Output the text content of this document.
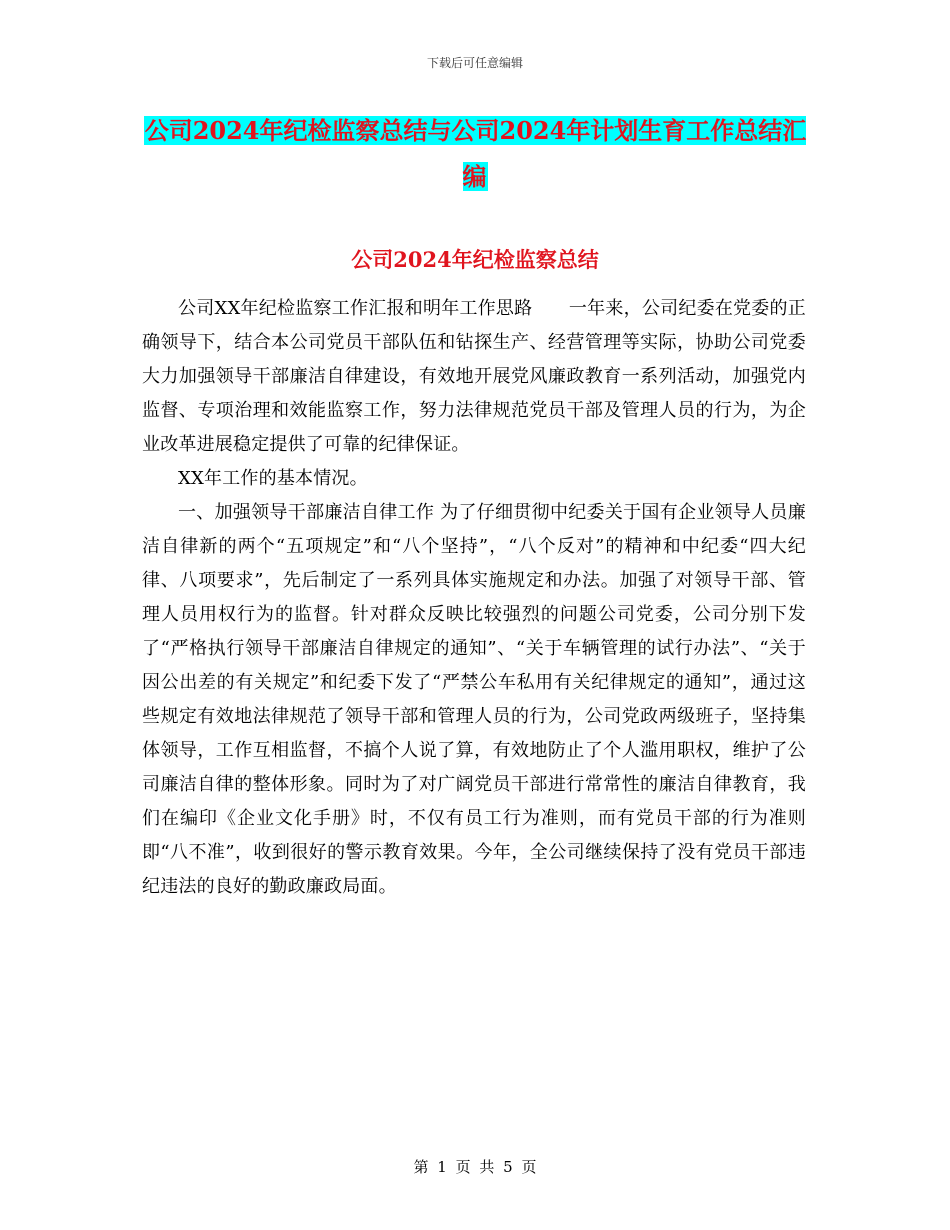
下载后可任意编辑
公司2024年纪检监察总结与公司2024年计划生育工作总结汇编
公司2024年纪检监察总结

公司XX年纪检监察工作汇报和明年工作思路　　一年来，公司纪委在党委的正确领导下，结合本公司党员干部队伍和钻探生产、经营管理等实际，协助公司党委大力加强领导干部廉洁自律建设，有效地开展党风廉政教育一系列活动，加强党内监督、专项治理和效能监察工作，努力法律规范党员干部及管理人员的行为，为企业改革进展稳定提供了可靠的纪律保证。

XX年工作的基本情况。

一、加强领导干部廉洁自律工作 为了仔细贯彻中纪委关于国有企业领导人员廉洁自律新的两个“五项规定”和“八个坚持”，“八个反对”的精神和中纪委“四大纪律、八项要求”，先后制定了一系列具体实施规定和办法。加强了对领导干部、管理人员用权行为的监督。针对群众反映比较强烈的问题公司党委，公司分别下发了“严格执行领导干部廉洁自律规定的通知”、“关于车辆管理的试行办法”、“关于因公出差的有关规定”和纪委下发了“严禁公车私用有关纪律规定的通知”，通过这些规定有效地法律规范了领导干部和管理人员的行为，公司党政两级班子，坚持集体领导，工作互相监督，不搞个人说了算，有效地防止了个人滥用职权，维护了公司廉洁自律的整体形象。同时为了对广阔党员干部进行常常性的廉洁自律教育，我们在编印《企业文化手册》时，不仅有员工行为准则，而有党员干部的行为准则即“八不准”，收到很好的警示教育效果。今年，全公司继续保持了没有党员干部违纪违法的良好的勤政廉政局面。

第 1 页 共 5 页
